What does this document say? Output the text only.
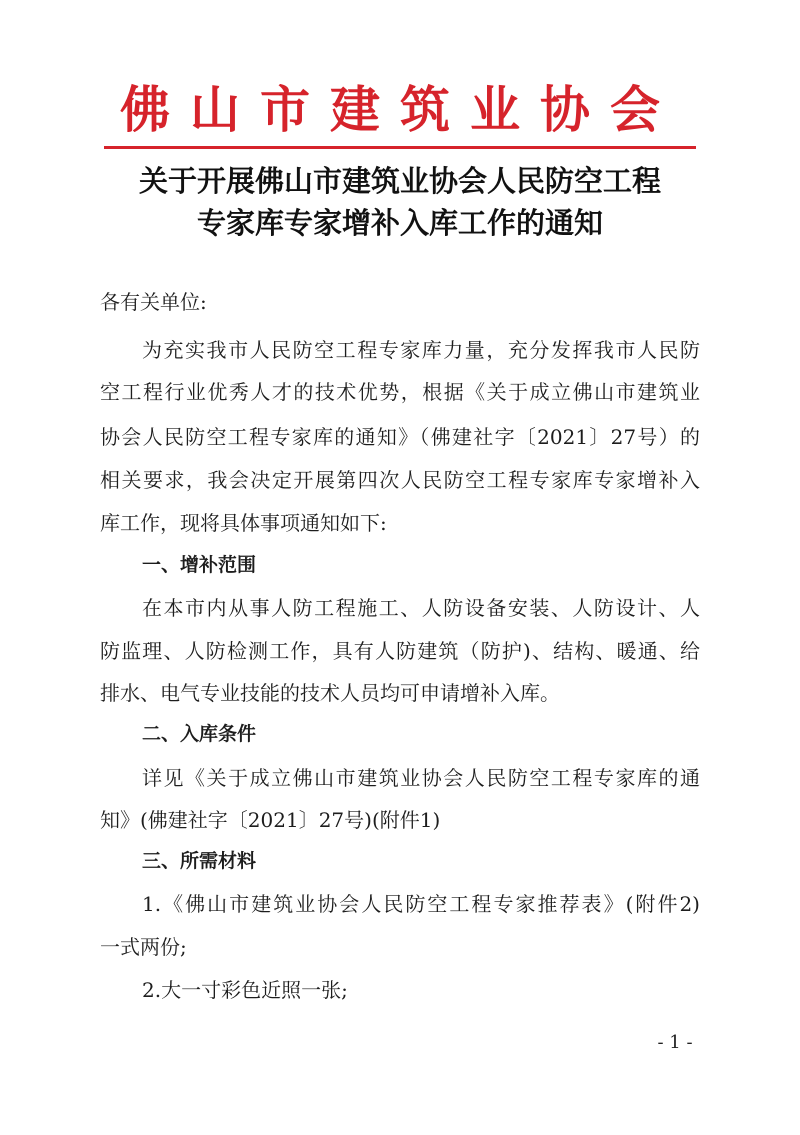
佛山市建筑业协会
关于开展佛山市建筑业协会人民防空工程
专家库专家增补入库工作的通知
各有关单位:
为充实我市人民防空工程专家库力量，充分发挥我市人民防
空工程行业优秀人才的技术优势，根据《关于成立佛山市建筑业
协会人民防空工程专家库的通知》（佛建社字〔2021〕27号）的
相关要求，我会决定开展第四次人民防空工程专家库专家增补入
库工作，现将具体事项通知如下:
一、增补范围
在本市内从事人防工程施工、人防设备安装、人防设计、人
防监理、人防检测工作，具有人防建筑（防护)、结构、暖通、给
排水、电气专业技能的技术人员均可申请增补入库。
二、入库条件
详见《关于成立佛山市建筑业协会人民防空工程专家库的通
知》(佛建社字〔2021〕27号)(附件1)
三、所需材料
1.《佛山市建筑业协会人民防空工程专家推荐表》(附件2)
一式两份;
2.大一寸彩色近照一张;
- 1 -
